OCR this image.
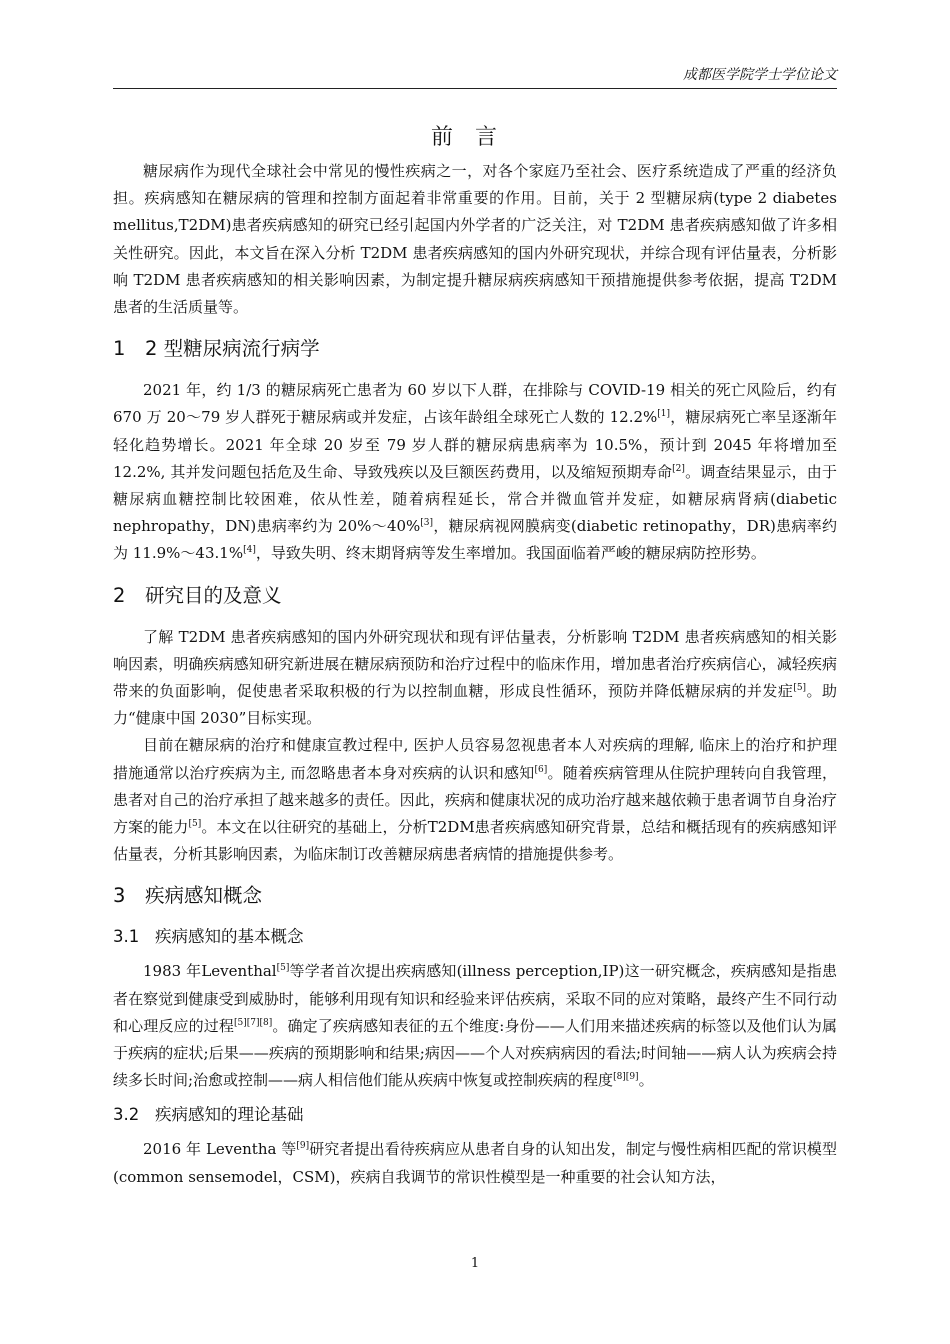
成都医学院学士学位论文
前言

糖尿病作为现代全球社会中常见的慢性疾病之一，对各个家庭乃至社会、医疗系统造成了严重的经济负担。疾病感知在糖尿病的管理和控制方面起着非常重要的作用。目前，关于 2 型糖尿病(type 2 diabetes mellitus,T2DM)患者疾病感知的研究已经引起国内外学者的广泛关注，对 T2DM 患者疾病感知做了许多相关性研究。因此，本文旨在深入分析 T2DM 患者疾病感知的国内外研究现状，并综合现有评估量表，分析影响 T2DM 患者疾病感知的相关影响因素，为制定提升糖尿病疾病感知干预措施提供参考依据，提高 T2DM 患者的生活质量等。

1 2 型糖尿病流行病学

2021 年，约 1/3 的糖尿病死亡患者为 60 岁以下人群，在排除与 COVID-19 相关的死亡风险后，约有 670 万 20～79 岁人群死于糖尿病或并发症，占该年龄组全球死亡人数的 12.2%[1]，糖尿病死亡率呈逐渐年轻化趋势增长。2021 年全球 20 岁至 79 岁人群的糖尿病患病率为 10.5%，预计到 2045 年将增加至 12.2%, 其并发问题包括危及生命、导致残疾以及巨额医药费用，以及缩短预期寿命[2]。调查结果显示，由于糖尿病血糖控制比较困难，依从性差，随着病程延长，常合并微血管并发症，如糖尿病肾病(diabetic nephropathy，DN)患病率约为 20%～40%[3]，糖尿病视网膜病变(diabetic retinopathy，DR)患病率约为 11.9%～43.1%[4]，导致失明、终末期肾病等发生率增加。我国面临着严峻的糖尿病防控形势。

2 研究目的及意义

了解 T2DM 患者疾病感知的国内外研究现状和现有评估量表，分析影响 T2DM 患者疾病感知的相关影响因素，明确疾病感知研究新进展在糖尿病预防和治疗过程中的临床作用，增加患者治疗疾病信心，减轻疾病带来的负面影响，促使患者采取积极的行为以控制血糖，形成良性循环，预防并降低糖尿病的并发症[5]。助力“健康中国 2030”目标实现。

目前在糖尿病的治疗和健康宣教过程中, 医护人员容易忽视患者本人对疾病的理解, 临床上的治疗和护理措施通常以治疗疾病为主, 而忽略患者本身对疾病的认识和感知[6]。随着疾病管理从住院护理转向自我管理，患者对自己的治疗承担了越来越多的责任。因此，疾病和健康状况的成功治疗越来越依赖于患者调节自身治疗方案的能力[5]。本文在以往研究的基础上，分析T2DM患者疾病感知研究背景，总结和概括现有的疾病感知评估量表，分析其影响因素，为临床制订改善糖尿病患者病情的措施提供参考。

3 疾病感知概念
3.1 疾病感知的基本概念

1983 年Leventhal[5]等学者首次提出疾病感知(illness perception,IP)这一研究概念，疾病感知是指患者在察觉到健康受到威胁时，能够利用现有知识和经验来评估疾病，采取不同的应对策略，最终产生不同行动和心理反应的过程[5][7][8]。确定了疾病感知表征的五个维度:身份——人们用来描述疾病的标签以及他们认为属于疾病的症状;后果——疾病的预期影响和结果;病因——个人对疾病病因的看法;时间轴——病人认为疾病会持续多长时间;治愈或控制——病人相信他们能从疾病中恢复或控制疾病的程度[8][9]。

3.2 疾病感知的理论基础

2016 年 Leventha 等[9]研究者提出看待疾病应从患者自身的认知出发，制定与慢性病相匹配的常识模型(common sensemodel，CSM)，疾病自我调节的常识性模型是一种重要的社会认知方法，

1
